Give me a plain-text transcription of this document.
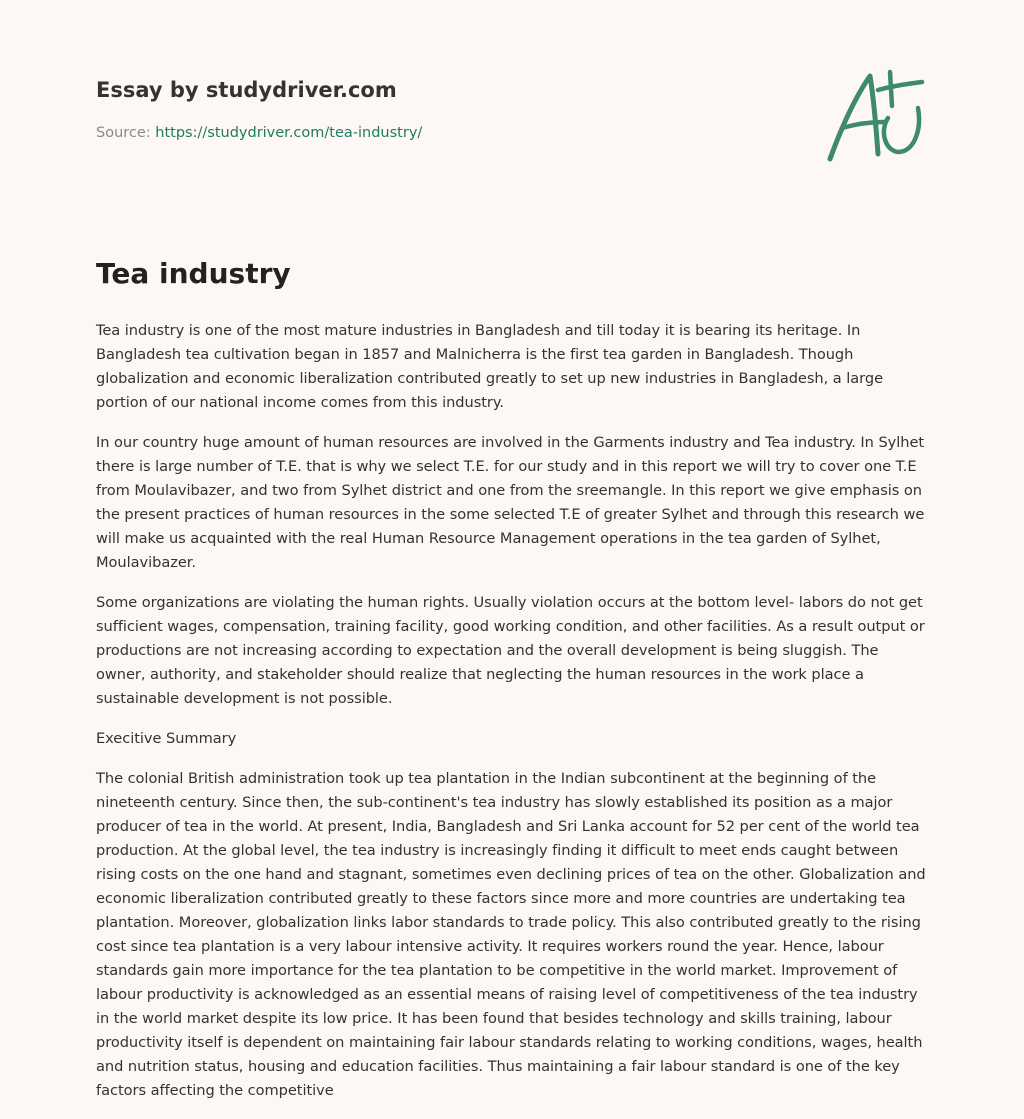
Essay by studydriver.com
Source: https://studydriver.com/tea-industry/
Tea industry

Tea industry is one of the most mature industries in Bangladesh and till today it is bearing its heritage. In Bangladesh tea cultivation began in 1857 and Malnicherra is the first tea garden in Bangladesh. Though globalization and economic liberalization contributed greatly to set up new industries in Bangladesh, a large portion of our national income comes from this industry.

In our country huge amount of human resources are involved in the Garments industry and Tea industry. In Sylhet there is large number of T.E. that is why we select T.E. for our study and in this report we will try to cover one T.E from Moulavibazer, and two from Sylhet district and one from the sreemangle. In this report we give emphasis on the present practices of human resources in the some selected T.E of greater Sylhet and through this research we will make us acquainted with the real Human Resource Management operations in the tea garden of Sylhet, Moulavibazer.

Some organizations are violating the human rights. Usually violation occurs at the bottom level- labors do not get sufficient wages, compensation, training facility, good working condition, and other facilities. As a result output or productions are not increasing according to expectation and the overall development is being sluggish. The owner, authority, and stakeholder should realize that neglecting the human resources in the work place a sustainable development is not possible.

Execitive Summary

The colonial British administration took up tea plantation in the Indian subcontinent at the beginning of the nineteenth century. Since then, the sub-continent's tea industry has slowly established its position as a major producer of tea in the world. At present, India, Bangladesh and Sri Lanka account for 52 per cent of the world tea production. At the global level, the tea industry is increasingly finding it difficult to meet ends caught between rising costs on the one hand and stagnant, sometimes even declining prices of tea on the other. Globalization and economic liberalization contributed greatly to these factors since more and more countries are undertaking tea plantation. Moreover, globalization links labor standards to trade policy. This also contributed greatly to the rising cost since tea plantation is a very labour intensive activity. It requires workers round the year. Hence, labour standards gain more importance for the tea plantation to be competitive in the world market. Improvement of labour productivity is acknowledged as an essential means of raising level of competitiveness of the tea industry in the world market despite its low price. It has been found that besides technology and skills training, labour productivity itself is dependent on maintaining fair labour standards relating to working conditions, wages, health and nutrition status, housing and education facilities. Thus maintaining a fair labour standard is one of the key factors affecting the competitive
